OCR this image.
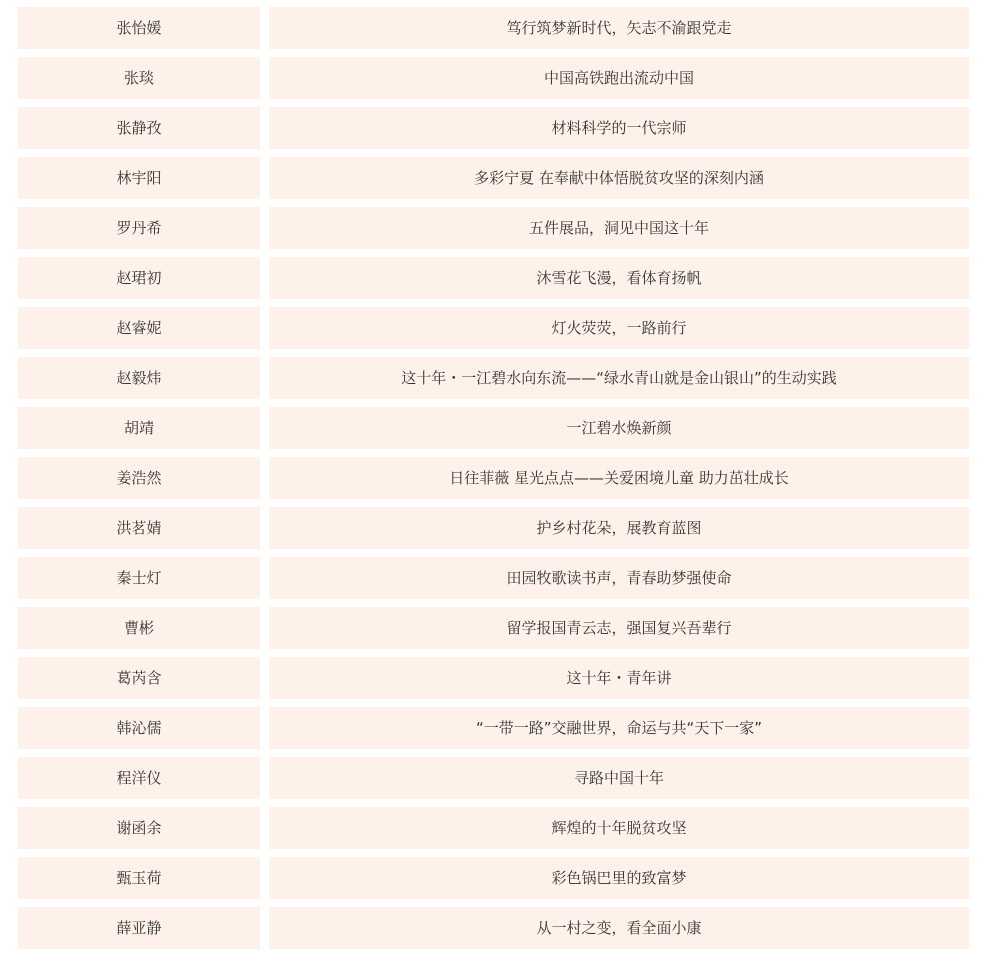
张怡媛	笃行筑梦新时代，矢志不渝跟党走
张琰	中国高铁跑出流动中国
张静孜	材料科学的一代宗师
林宇阳	多彩宁夏 在奉献中体悟脱贫攻坚的深刻内涵
罗丹希	五件展品，洞见中国这十年
赵珺初	沐雪花飞漫，看体育扬帆
赵睿妮	灯火荧荧，一路前行
赵毅炜	这十年・一江碧水向东流——“绿水青山就是金山银山”的生动实践
胡靖	一江碧水焕新颜
姜浩然	日往菲薇 星光点点——关爱困境儿童 助力茁壮成长
洪茗婧	护乡村花朵，展教育蓝图
秦士灯	田园牧歌读书声，青春助梦强使命
曹彬	留学报国青云志，强国复兴吾辈行
葛芮含	这十年・青年讲
韩沁儒	“一带一路”交融世界，命运与共“天下一家”
程洋仪	寻路中国十年
谢函余	辉煌的十年脱贫攻坚
甄玉荷	彩色锅巴里的致富梦
薛亚静	从一村之变，看全面小康
